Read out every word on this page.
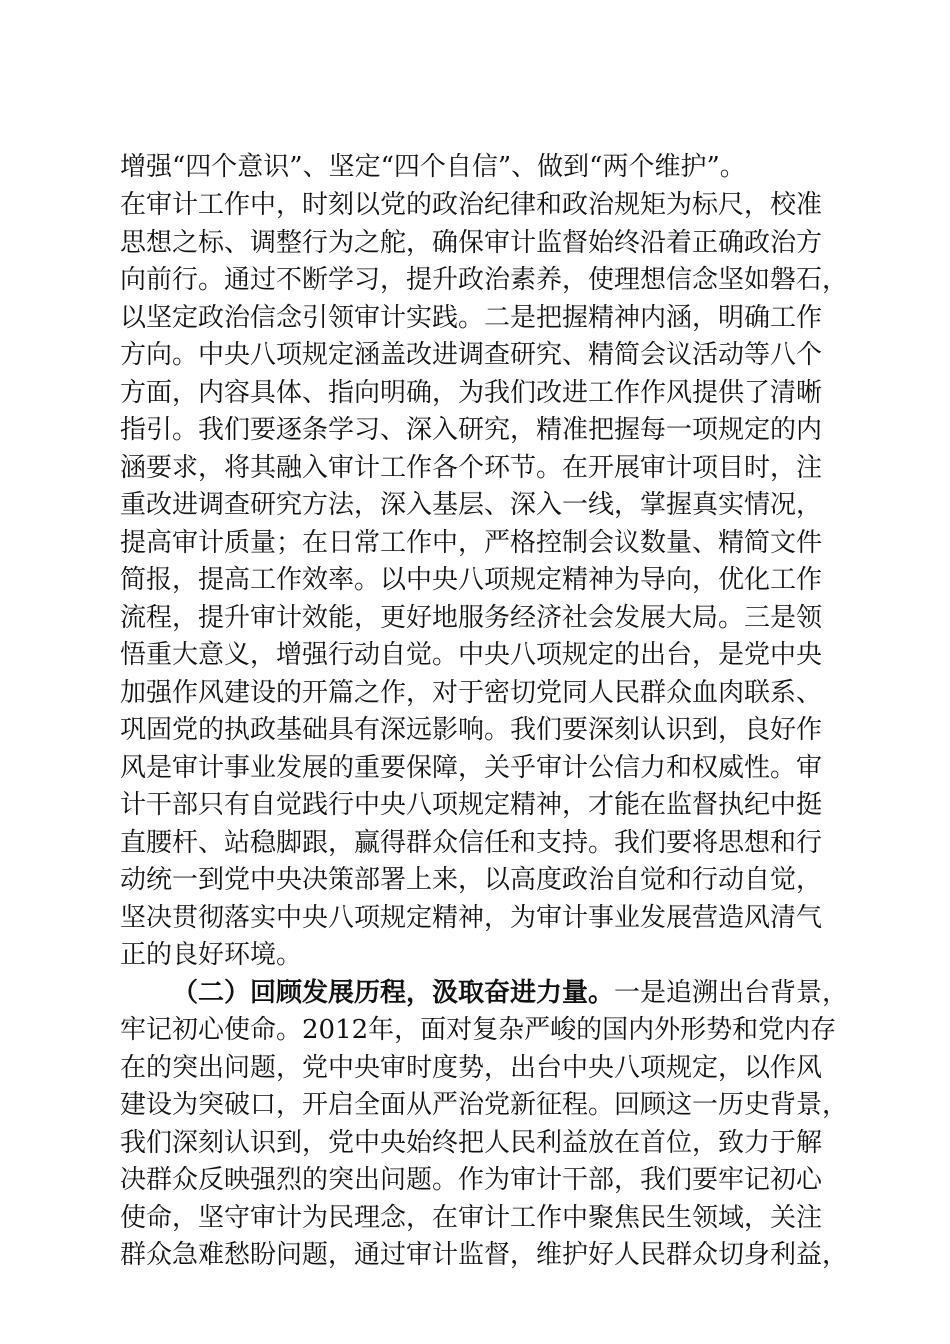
增强“四个意识”、坚定“四个自信”、做到“两个维护”。
在审计工作中，时刻以党的政治纪律和政治规矩为标尺，校准
思想之标、调整行为之舵，确保审计监督始终沿着正确政治方
向前行。通过不断学习，提升政治素养，使理想信念坚如磐石，
以坚定政治信念引领审计实践。二是把握精神内涵，明确工作
方向。中央八项规定涵盖改进调查研究、精简会议活动等八个
方面，内容具体、指向明确，为我们改进工作作风提供了清晰
指引。我们要逐条学习、深入研究，精准把握每一项规定的内
涵要求，将其融入审计工作各个环节。在开展审计项目时，注
重改进调查研究方法，深入基层、深入一线，掌握真实情况，
提高审计质量；在日常工作中，严格控制会议数量、精简文件
简报，提高工作效率。以中央八项规定精神为导向，优化工作
流程，提升审计效能，更好地服务经济社会发展大局。三是领
悟重大意义，增强行动自觉。中央八项规定的出台，是党中央
加强作风建设的开篇之作，对于密切党同人民群众血肉联系、
巩固党的执政基础具有深远影响。我们要深刻认识到，良好作
风是审计事业发展的重要保障，关乎审计公信力和权威性。审
计干部只有自觉践行中央八项规定精神，才能在监督执纪中挺
直腰杆、站稳脚跟，赢得群众信任和支持。我们要将思想和行
动统一到党中央决策部署上来，以高度政治自觉和行动自觉，
坚决贯彻落实中央八项规定精神，为审计事业发展营造风清气
正的良好环境。
（二）回顾发展历程，汲取奋进力量。一是追溯出台背景，
牢记初心使命。2012年，面对复杂严峻的国内外形势和党内存
在的突出问题，党中央审时度势，出台中央八项规定，以作风
建设为突破口，开启全面从严治党新征程。回顾这一历史背景，
我们深刻认识到，党中央始终把人民利益放在首位，致力于解
决群众反映强烈的突出问题。作为审计干部，我们要牢记初心
使命，坚守审计为民理念，在审计工作中聚焦民生领域，关注
群众急难愁盼问题，通过审计监督，维护好人民群众切身利益，
